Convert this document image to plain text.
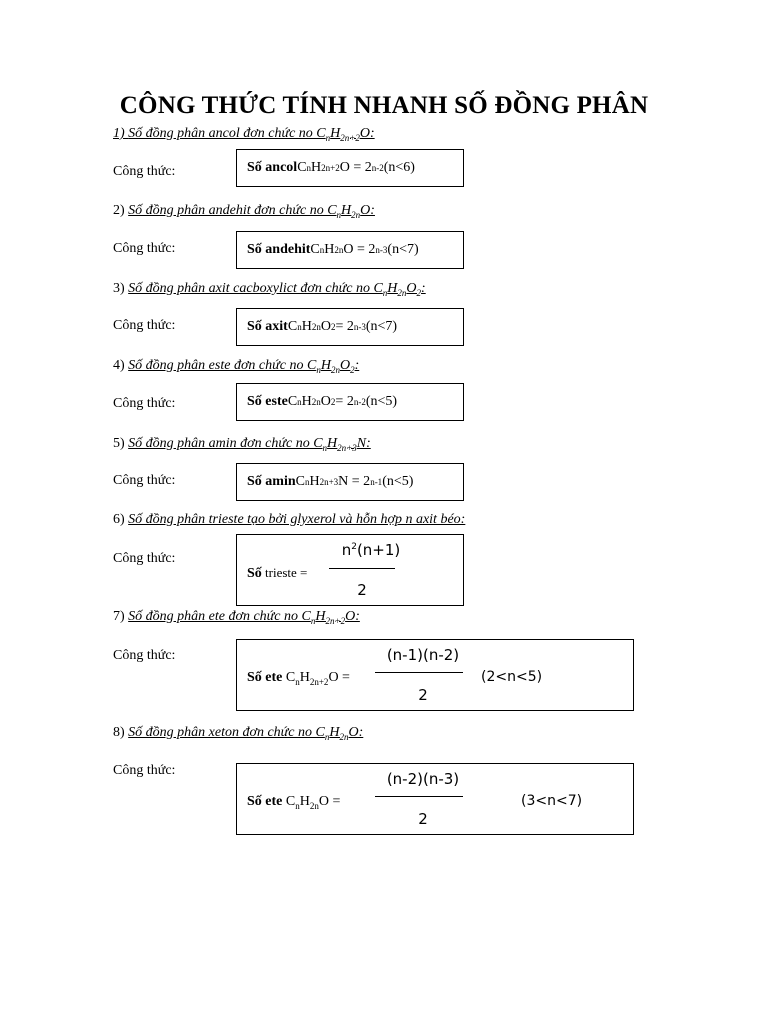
CÔNG THỨC TÍNH NHANH SỐ ĐỒNG PHÂN
1) Số đồng phân ancol đơn chức no $C_nH_{2n+2}O$:
Công thức:	Số ancol C n H 2n+2 O = 2 n-2 (n<6)
2) Số đồng phân andehit đơn chức no $C_nH_{2n}O$:
Công thức:	Số andehit C n H 2n O = 2 n-3 (n<7)
3) Số đồng phân axit cacboxylict đơn chức no $C_nH_{2n}O_2$:
Công thức:	Số axit C n H 2n O 2 = 2 n-3 (n<7)
4) Số đồng phân este đơn chức no $C_nH_{2n}O_2$:
Công thức:	Số este C n H 2n O 2 = 2 n-2 (n<5)
5) Số đồng phân amin đơn chức no $C_nH_{2n+3}N$:
Công thức:	Số amin C n H 2n+3 N = 2 n-1 (n<5)
6) Số đồng phân trieste tạo bởi glyxerol và hỗn hợp n axit béo:
Công thức:
Số trieste =
$n^2(n+1)$
2
7) Số đồng phân ete đơn chức no $C_nH_{2n+2}O$:
Công thức:
Số ete $C_nH_{2n+2}O$ =
(n-1)(n-2)
2
(2<n<5)
8) Số đồng phân xeton đơn chức no $C_nH_{2n}O$:
Công thức:
Số ete $C_nH_{2n}O$ =
(n-2)(n-3)
2
(3<n<7)
